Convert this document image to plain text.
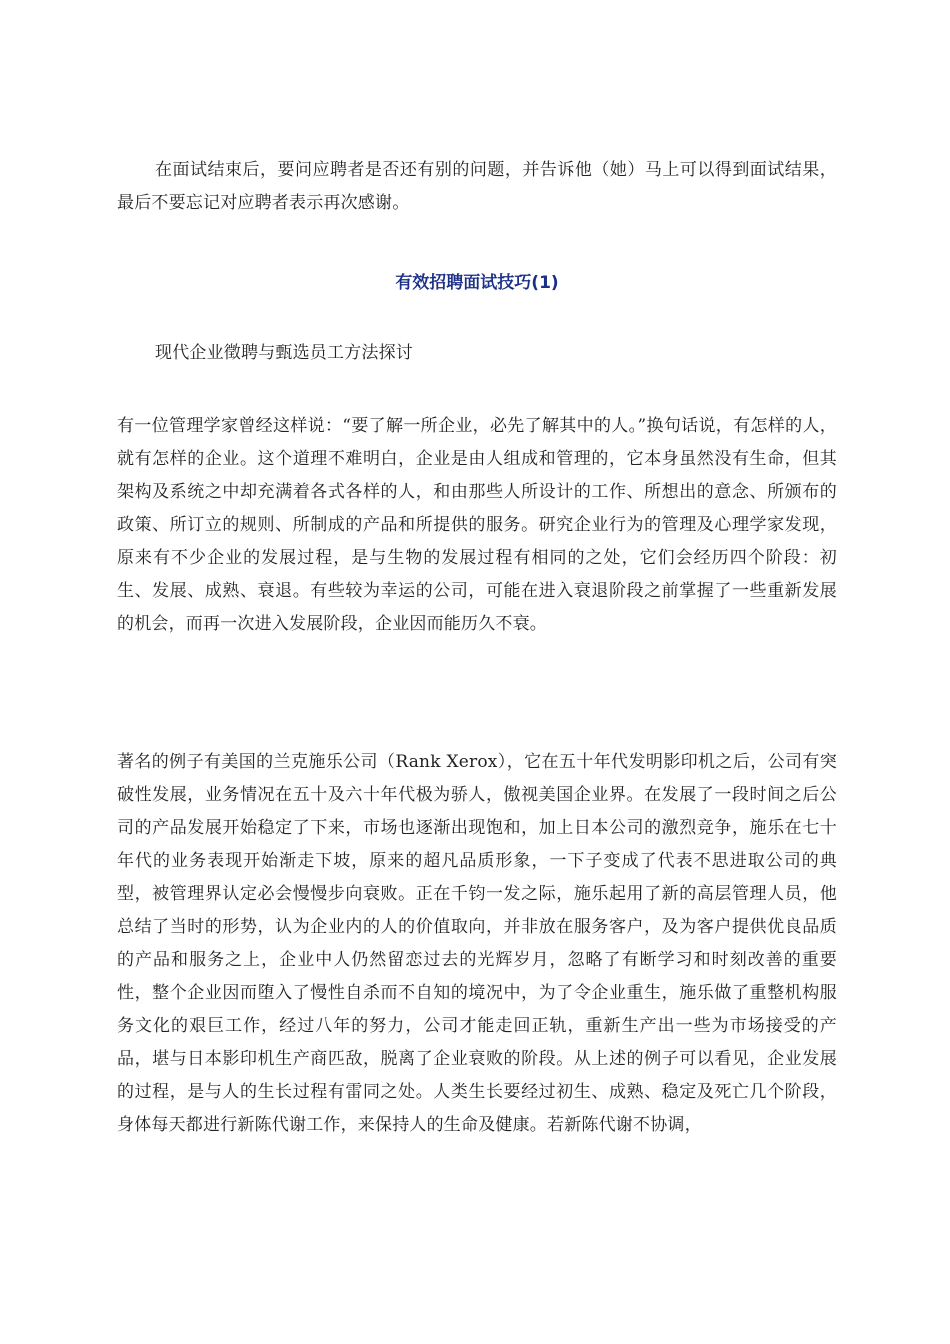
在面试结束后，要问应聘者是否还有别的问题，并告诉他（她）马上可以得到面试结果，最后不要忘记对应聘者表示再次感谢。

有效招聘面试技巧(1)

现代企业徵聘与甄选员工方法探讨

有一位管理学家曾经这样说：“要了解一所企业，必先了解其中的人。”换句话说，有怎样的人，就有怎样的企业。这个道理不难明白，企业是由人组成和管理的，它本身虽然没有生命，但其架构及系统之中却充满着各式各样的人，和由那些人所设计的工作、所想出的意念、所颁布的政策、所订立的规则、所制成的产品和所提供的服务。研究企业行为的管理及心理学家发现，原来有不少企业的发展过程，是与生物的发展过程有相同的之处，它们会经历四个阶段：初生、发展、成熟、衰退。有些较为幸运的公司，可能在进入衰退阶段之前掌握了一些重新发展的机会，而再一次进入发展阶段，企业因而能历久不衰。

著名的例子有美国的兰克施乐公司（Rank Xerox），它在五十年代发明影印机之后，公司有突破性发展，业务情况在五十及六十年代极为骄人，傲视美国企业界。在发展了一段时间之后公司的产品发展开始稳定了下来，市场也逐渐出现饱和，加上日本公司的激烈竞争，施乐在七十年代的业务表现开始渐走下坡，原来的超凡品质形象，一下子变成了代表不思进取公司的典型，被管理界认定必会慢慢步向衰败。正在千钧一发之际，施乐起用了新的高层管理人员，他总结了当时的形势，认为企业内的人的价值取向，并非放在服务客户，及为客户提供优良品质的产品和服务之上，企业中人仍然留恋过去的光辉岁月，忽略了有断学习和时刻改善的重要性，整个企业因而堕入了慢性自杀而不自知的境况中，为了令企业重生，施乐做了重整机构服务文化的艰巨工作，经过八年的努力，公司才能走回正轨，重新生产出一些为市场接受的产品，堪与日本影印机生产商匹敌，脱离了企业衰败的阶段。从上述的例子可以看见，企业发展的过程，是与人的生长过程有雷同之处。人类生长要经过初生、成熟、稳定及死亡几个阶段，身体每天都进行新陈代谢工作，来保持人的生命及健康。若新陈代谢不协调，
